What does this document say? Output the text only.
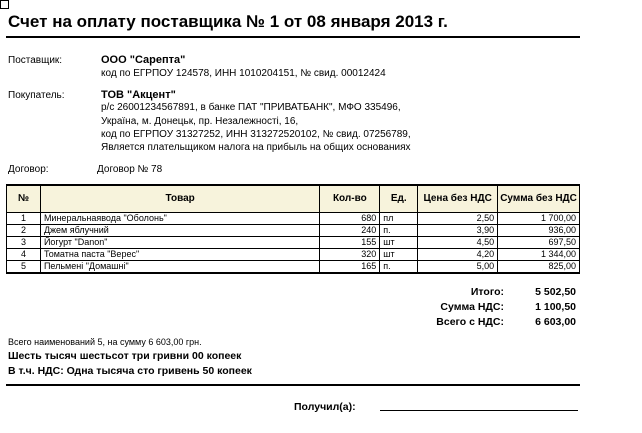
Счет на оплату поставщика № 1 от 08 января 2013 г.
Поставщик:	ООО "Сарепта"
код по ЕГРПОУ 124578, ИНН 1010204151, № свид. 00012424
Покупатель:	ТОВ "Акцент"
р/с 26001234567891, в банке ПАТ "ПРИВАТБАНК", МФО 335496,
Україна, м. Донецьк, пр. Незалежності, 16,
код по ЕГРПОУ 31327252, ИНН 313272520102, № свид. 07256789,
Является плательщиком налога на прибыль на общих основаниях
Договор:	Договор № 78
№	Товар	Кол-во	Ед.	Цена без НДС	Сумма без НДС
1	Минеральнаявода "Оболонь"	680	пл	2,50	1 700,00
2	Джем яблучний	240	п.	3,90	936,00
3	Йогурт "Danon"	155	шт	4,50	697,50
4	Томатна паста "Верес"	320	шт	4,20	1 344,00
5	Пельмені "Домашні"	165	п.	5,00	825,00
Итого:	5 502,50
Сумма НДС:	1 100,50
Всего с НДС:	6 603,00
Всего наименований 5, на сумму 6 603,00 грн.
Шесть тысяч шестьсот три гривни 00 копеек
В т.ч. НДС: Одна тысяча сто гривень 50 копеек
Получил(а):
